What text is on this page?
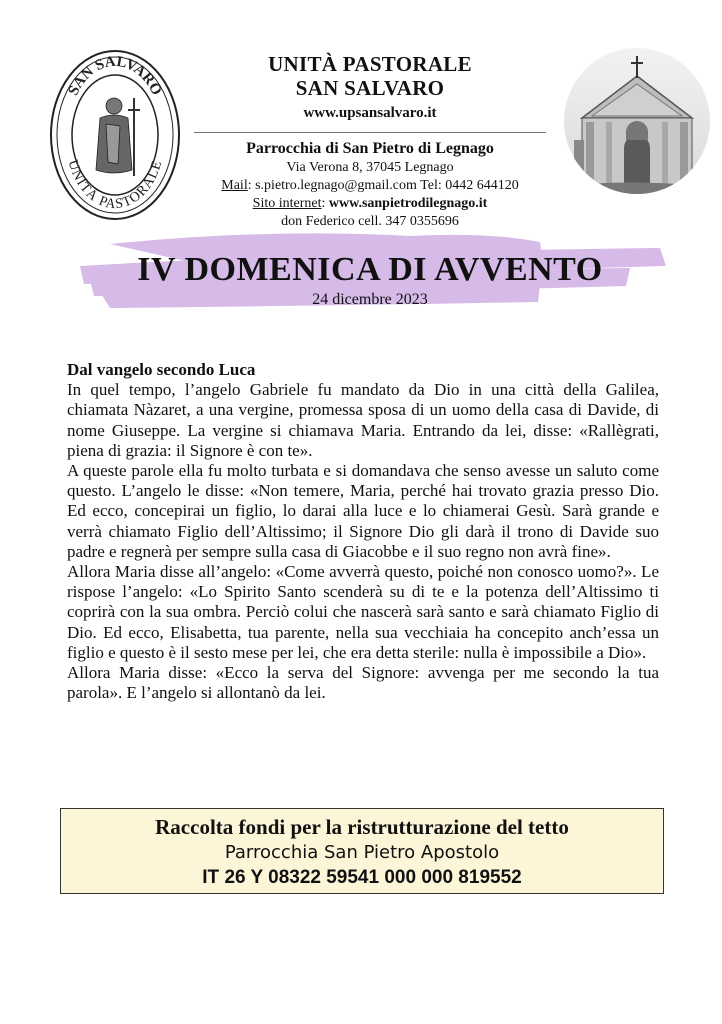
SAN SALVARO
UNITÀ PASTORALE
UNITÀ PASTORALE
SAN SALVARO
www.upsansalvaro.it
Parrocchia di San Pietro di Legnago
Via Verona 8, 37045 Legnago
Mail: s.pietro.legnago@gmail.com Tel: 0442 644120
Sito internet: www.sanpietrodilegnago.it
don Federico cell. 347 0355696
IV DOMENICA DI AVVENTO
24 dicembre 2023

Dal vangelo secondo Luca

In quel tempo, l’angelo Gabriele fu mandato da Dio in una città della Galilea, chiamata Nàzaret, a una vergine, promessa sposa di un uomo della casa di Davide, di nome Giuseppe. La vergine si chiamava Maria. Entrando da lei, disse: «Rallègrati, piena di grazia: il Signore è con te».

A queste parole ella fu molto turbata e si domandava che senso avesse un saluto come questo. L’angelo le disse: «Non temere, Maria, perché hai trovato grazia presso Dio. Ed ecco, concepirai un figlio, lo darai alla luce e lo chiamerai Gesù. Sarà grande e verrà chiamato Figlio dell’Altissimo; il Signore Dio gli darà il trono di Davide suo padre e regnerà per sempre sulla casa di Giacobbe e il suo regno non avrà fine».

Allora Maria disse all’angelo: «Come avverrà questo, poiché non conosco uomo?». Le rispose l’angelo: «Lo Spirito Santo scenderà su di te e la potenza dell’Altissimo ti coprirà con la sua ombra. Perciò colui che nascerà sarà santo e sarà chiamato Figlio di Dio. Ed ecco, Elisabetta, tua parente, nella sua vecchiaia ha concepito anch’essa un figlio e questo è il sesto mese per lei, che era detta sterile: nulla è impossibile a Dio».

Allora Maria disse: «Ecco la serva del Signore: avvenga per me secondo la tua parola». E l’angelo si allontanò da lei.

Raccolta fondi per la ristrutturazione del tetto
Parrocchia San Pietro Apostolo
IT 26 Y 08322 59541 000 000 819552
